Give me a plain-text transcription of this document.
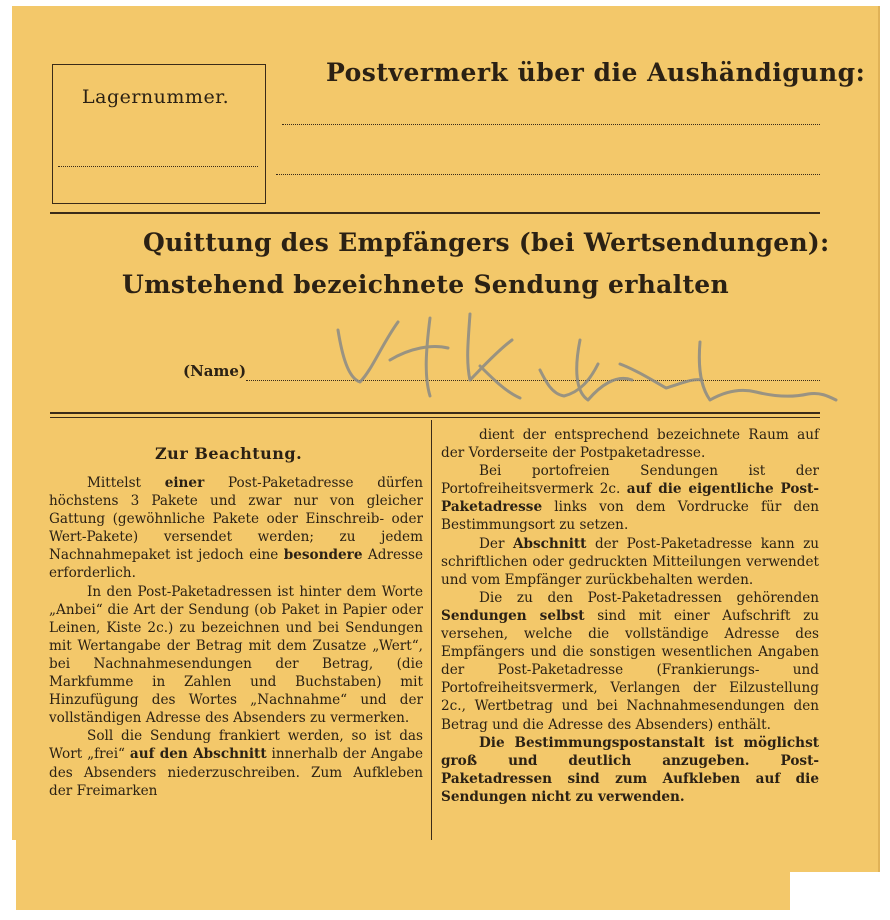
Lagernummer.
Postvermerk über die Aushändigung:
Quittung des Empfängers (bei Wertsendungen):
Umstehend bezeichnete Sendung erhalten
(Name)
Zur Beachtung.

Mittelst einer Post-Paketadresse dürfen höchstens 3 Pakete und zwar nur von gleicher Gattung (gewöhnliche Pakete oder Einschreib- oder Wert-Pakete) versendet werden; zu jedem Nachnahmepaket ist jedoch eine besondere Adresse erforderlich.

In den Post-Paketadressen ist hinter dem Worte „Anbei“ die Art der Sendung (ob Paket in Papier oder Leinen, Kiste 2c.) zu bezeichnen und bei Sendungen mit Wertangabe der Betrag mit dem Zusatze „Wert“, bei Nachnahmesendungen der Betrag, (die Markfumme in Zahlen und Buchstaben) mit Hinzufügung des Wortes „Nachnahme“ und der vollständigen Adresse des Absenders zu vermerken.

Soll die Sendung frankiert werden, so ist das Wort „frei“ auf den Abschnitt innerhalb der Angabe des Absenders niederzuschreiben. Zum Aufkleben der Freimarken

dient der entsprechend bezeichnete Raum auf der Vorderseite der Postpaketadresse.

Bei portofreien Sendungen ist der Portofreiheitsvermerk 2c. auf die eigentliche Post-Paketadresse links von dem Vordrucke für den Bestimmungsort zu setzen.

Der Abschnitt der Post-Paketadresse kann zu schriftlichen oder gedruckten Mitteilungen verwendet und vom Empfänger zurückbehalten werden.

Die zu den Post-Paketadressen gehörenden Sendungen selbst sind mit einer Aufschrift zu versehen, welche die vollständige Adresse des Empfängers und die sonstigen wesentlichen Angaben der Post-Paketadresse (Frankierungs- und Portofreiheitsvermerk, Verlangen der Eilzustellung 2c., Wertbetrag und bei Nachnahmesendungen den Betrag und die Adresse des Absenders) enthält.

Die Bestimmungspostanstalt ist möglichst groß und deutlich anzugeben. Post-Paketadressen sind zum Aufkleben auf die Sendungen nicht zu verwenden.
